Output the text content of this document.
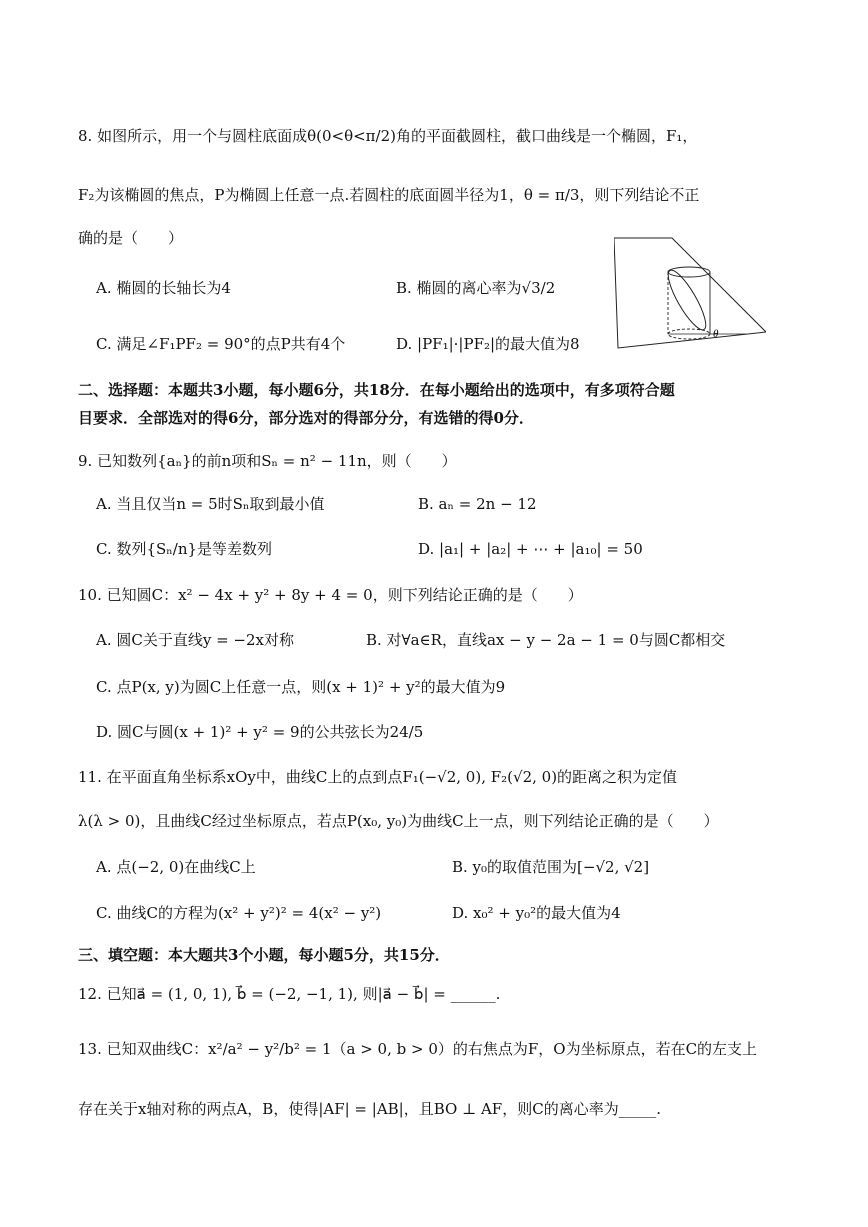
8. 如图所示，用一个与圆柱底面成θ(0<θ<π/2)角的平面截圆柱，截口曲线是一个椭圆，F₁，
F₂为该椭圆的焦点，P为椭圆上任意一点.若圆柱的底面圆半径为1，θ = π/3，则下列结论不正
确的是（　　）
A. 椭圆的长轴长为4	B. 椭圆的离心率为√3/2
C. 满足∠F₁PF₂ = 90°的点P共有4个	D. |PF₁|·|PF₂|的最大值为8
θ
二、选择题：本题共3小题，每小题6分，共18分．在每小题给出的选项中，有多项符合题
目要求．全部选对的得6分，部分选对的得部分分，有选错的得0分．
9. 已知数列{aₙ}的前n项和Sₙ = n² − 11n，则（　　）
A. 当且仅当n = 5时Sₙ取到最小值	B. aₙ = 2n − 12
C. 数列{Sₙ/n}是等差数列	D. |a₁| + |a₂| + ⋯ + |a₁₀| = 50
10. 已知圆C：x² − 4x + y² + 8y + 4 = 0，则下列结论正确的是（　　）
A. 圆C关于直线y = −2x对称	B. 对∀a∈R，直线ax − y − 2a − 1 = 0与圆C都相交
C. 点P(x, y)为圆C上任意一点，则(x + 1)² + y²的最大值为9
D. 圆C与圆(x + 1)² + y² = 9的公共弦长为24/5
11. 在平面直角坐标系xOy中，曲线C上的点到点F₁(−√2, 0), F₂(√2, 0)的距离之积为定值
λ(λ > 0)，且曲线C经过坐标原点，若点P(x₀, y₀)为曲线C上一点，则下列结论正确的是（　　）
A. 点(−2, 0)在曲线C上	B. y₀的取值范围为[−√2, √2]
C. 曲线C的方程为(x² + y²)² = 4(x² − y²)	D. x₀² + y₀²的最大值为4
三、填空题：本大题共3个小题，每小题5分，共15分．
12. 已知a⃗ = (1, 0, 1), b⃗ = (−2, −1, 1), 则|a⃗ − b⃗| = ______.
13. 已知双曲线C：x²/a² − y²/b² = 1（a > 0, b > 0）的右焦点为F，O为坐标原点，若在C的左支上
存在关于x轴对称的两点A，B，使得|AF| = |AB|，且BO ⊥ AF，则C的离心率为_____.
